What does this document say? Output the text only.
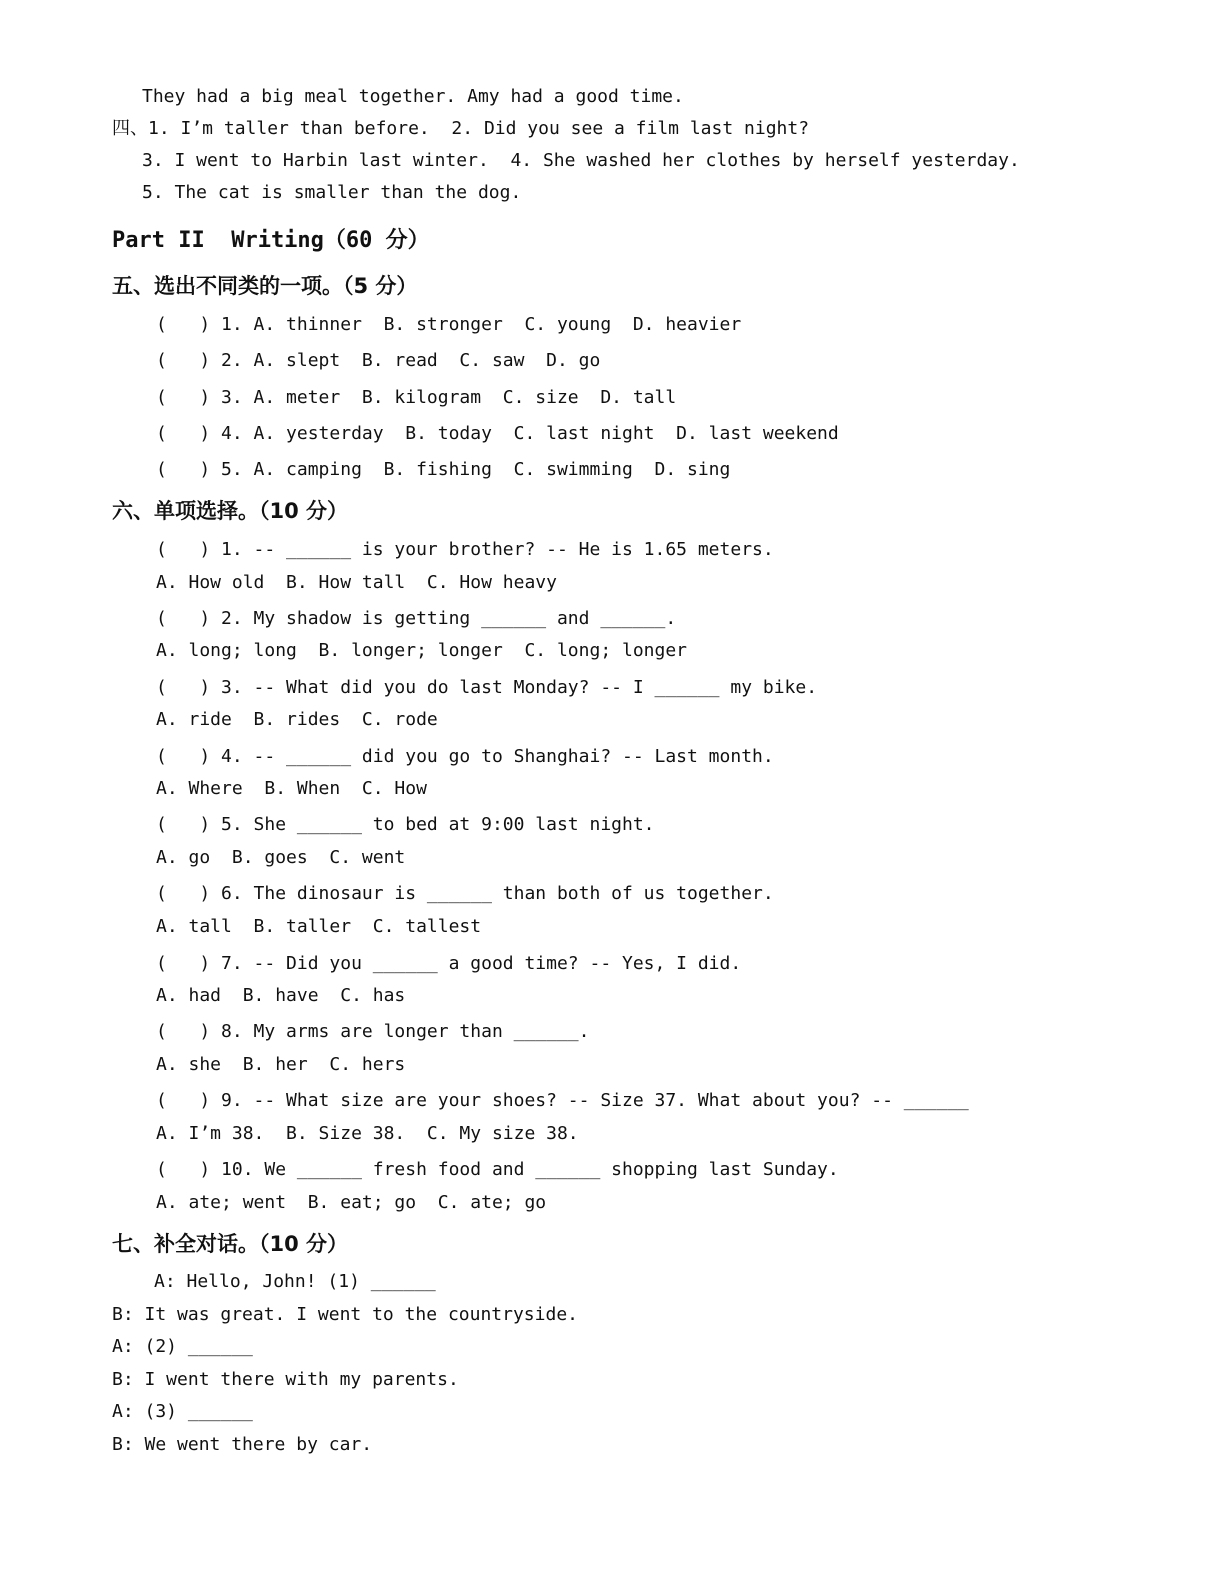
They had a big meal together. Amy had a good time.
四、1. I’m taller than before.  2. Did you see a film last night?
3. I went to Harbin last winter.  4. She washed her clothes by herself yesterday.
5. The cat is smaller than the dog.
Part II  Writing（60 分）
五、选出不同类的一项。（5 分）
(   ) 1. A. thinner  B. stronger  C. young  D. heavier
(   ) 2. A. slept  B. read  C. saw  D. go
(   ) 3. A. meter  B. kilogram  C. size  D. tall
(   ) 4. A. yesterday  B. today  C. last night  D. last weekend
(   ) 5. A. camping  B. fishing  C. swimming  D. sing
六、单项选择。（10 分）
(   ) 1. -- ______ is your brother? -- He is 1.65 meters.
A. How old  B. How tall  C. How heavy
(   ) 2. My shadow is getting ______ and ______.
A. long; long  B. longer; longer  C. long; longer
(   ) 3. -- What did you do last Monday? -- I ______ my bike.
A. ride  B. rides  C. rode
(   ) 4. -- ______ did you go to Shanghai? -- Last month.
A. Where  B. When  C. How
(   ) 5. She ______ to bed at 9:00 last night.
A. go  B. goes  C. went
(   ) 6. The dinosaur is ______ than both of us together.
A. tall  B. taller  C. tallest
(   ) 7. -- Did you ______ a good time? -- Yes, I did.
A. had  B. have  C. has
(   ) 8. My arms are longer than ______.
A. she  B. her  C. hers
(   ) 9. -- What size are your shoes? -- Size 37. What about you? -- ______
A. I’m 38.  B. Size 38.  C. My size 38.
(   ) 10. We ______ fresh food and ______ shopping last Sunday.
A. ate; went  B. eat; go  C. ate; go
七、补全对话。（10 分）
A: Hello, John! (1) ______
B: It was great. I went to the countryside.
A: (2) ______
B: I went there with my parents.
A: (3) ______
B: We went there by car.
